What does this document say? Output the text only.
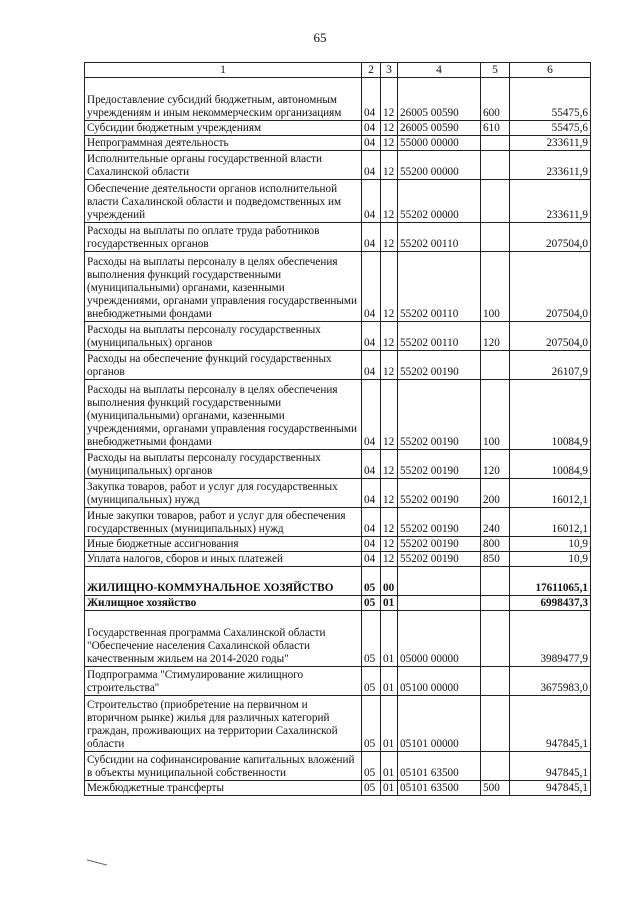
65
1	2	3	4	5	6
Предоставление субсидий бюджетным, автономным учреждениям и иным некоммерческим организациям	04	12	26005 00590	600	55475,6
Субсидии бюджетным учреждениям	04	12	26005 00590	610	55475,6
Непрограммная деятельность	04	12	55000 00000		233611,9
Исполнительные органы государственной власти Сахалинской области	04	12	55200 00000		233611,9
Обеспечение деятельности органов исполнительной власти Сахалинской области и подведомственных им учреждений	04	12	55202 00000		233611,9
Расходы на выплаты по оплате труда работников государственных органов	04	12	55202 00110		207504,0
Расходы на выплаты персоналу в целях обеспечения выполнения функций государственными (муниципальными) органами, казенными учреждениями, органами управления государственными внебюджетными фондами	04	12	55202 00110	100	207504,0
Расходы на выплаты персоналу государственных (муниципальных) органов	04	12	55202 00110	120	207504,0
Расходы на обеспечение функций государственных органов	04	12	55202 00190		26107,9
Расходы на выплаты персоналу в целях обеспечения выполнения функций государственными (муниципальными) органами, казенными учреждениями, органами управления государственными внебюджетными фондами	04	12	55202 00190	100	10084,9
Расходы на выплаты персоналу государственных (муниципальных) органов	04	12	55202 00190	120	10084,9
Закупка товаров, работ и услуг для государственных (муниципальных) нужд	04	12	55202 00190	200	16012,1
Иные закупки товаров, работ и услуг для обеспечения государственных (муниципальных) нужд	04	12	55202 00190	240	16012,1
Иные бюджетные ассигнования	04	12	55202 00190	800	10,9
Уплата налогов, сборов и иных платежей	04	12	55202 00190	850	10,9
ЖИЛИЩНО-КОММУНАЛЬНОЕ ХОЗЯЙСТВО	05	00			17611065,1
Жилищное хозяйство	05	01			6998437,3
Государственная программа Сахалинской области "Обеспечение населения Сахалинской области качественным жильем на 2014-2020 годы"	05	01	05000 00000		3989477,9
Подпрограмма "Стимулирование жилищного строительства"	05	01	05100 00000		3675983,0
Строительство (приобретение на первичном и вторичном рынке) жилья для различных категорий граждан, проживающих на территории Сахалинской области	05	01	05101 00000		947845,1
Субсидии на софинансирование капитальных вложений в объекты муниципальной собственности	05	01	05101 63500		947845,1
Межбюджетные трансферты	05	01	05101 63500	500	947845,1
